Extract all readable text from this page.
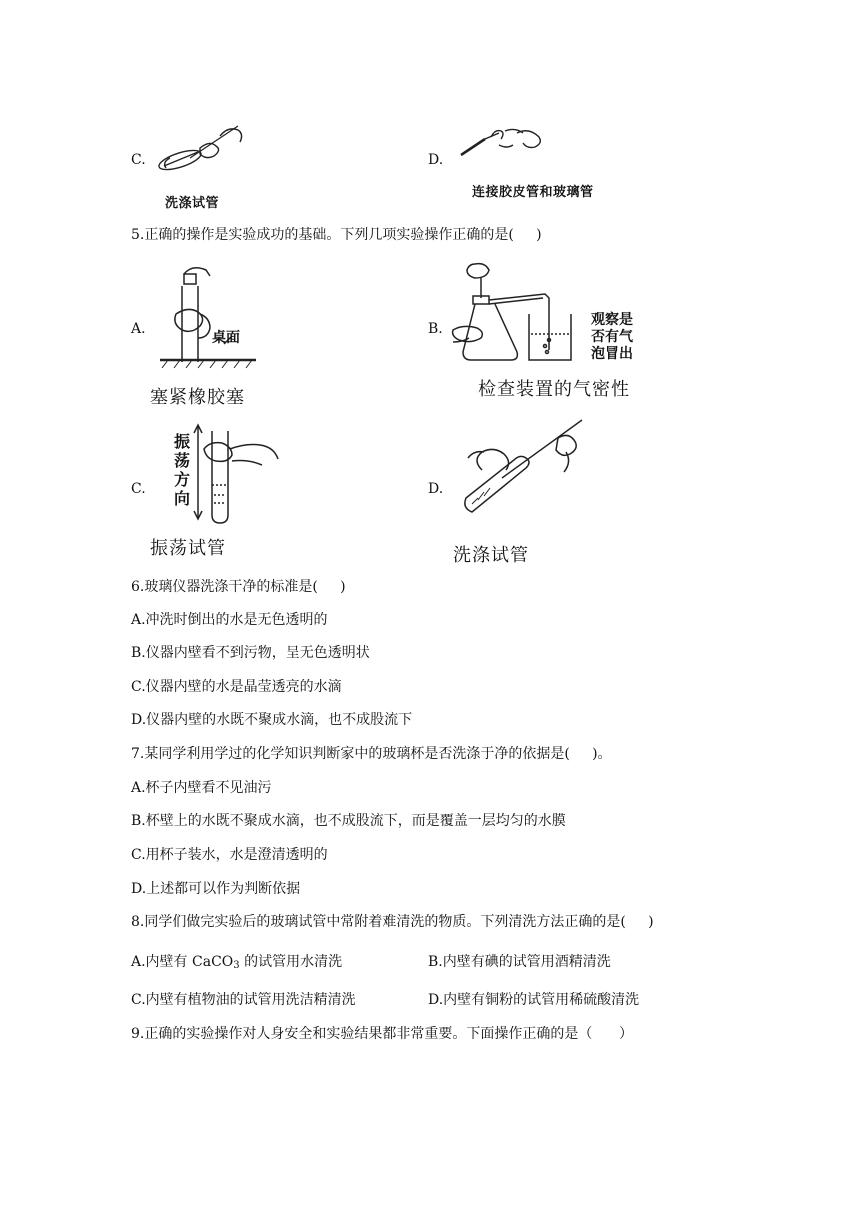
C.
洗涤试管
D.
连接胶皮管和玻璃管
5.正确的操作是实验成功的基础。下列几项实验操作正确的是(     )
A.
桌面
塞紧橡胶塞
B.
观察是
否有气
泡冒出
检查装置的气密性
C.
振
荡
方
向
振荡试管
D.
洗涤试管
6.玻璃仪器洗涤干净的标准是(     )
A.冲洗时倒出的水是无色透明的
B.仪器内壁看不到污物，呈无色透明状
C.仪器内壁的水是晶莹透亮的水滴
D.仪器内壁的水既不聚成水滴，也不成股流下
7.某同学利用学过的化学知识判断家中的玻璃杯是否洗涤于净的依据是(     )。
A.杯子内壁看不见油污
B.杯壁上的水既不聚成水滴，也不成股流下，而是覆盖一层均匀的水膜
C.用杯子装水，水是澄清透明的
D.上述都可以作为判断依据
8.同学们做完实验后的玻璃试管中常附着难清洗的物质。下列清洗方法正确的是(     )
A.内壁有 CaCO$_3$ 的试管用水清洗	B.内壁有碘的试管用酒精清洗
C.内壁有植物油的试管用洗洁精清洗	D.内壁有铜粉的试管用稀硫酸清洗
9.正确的实验操作对人身安全和实验结果都非常重要。下面操作正确的是（      ）
